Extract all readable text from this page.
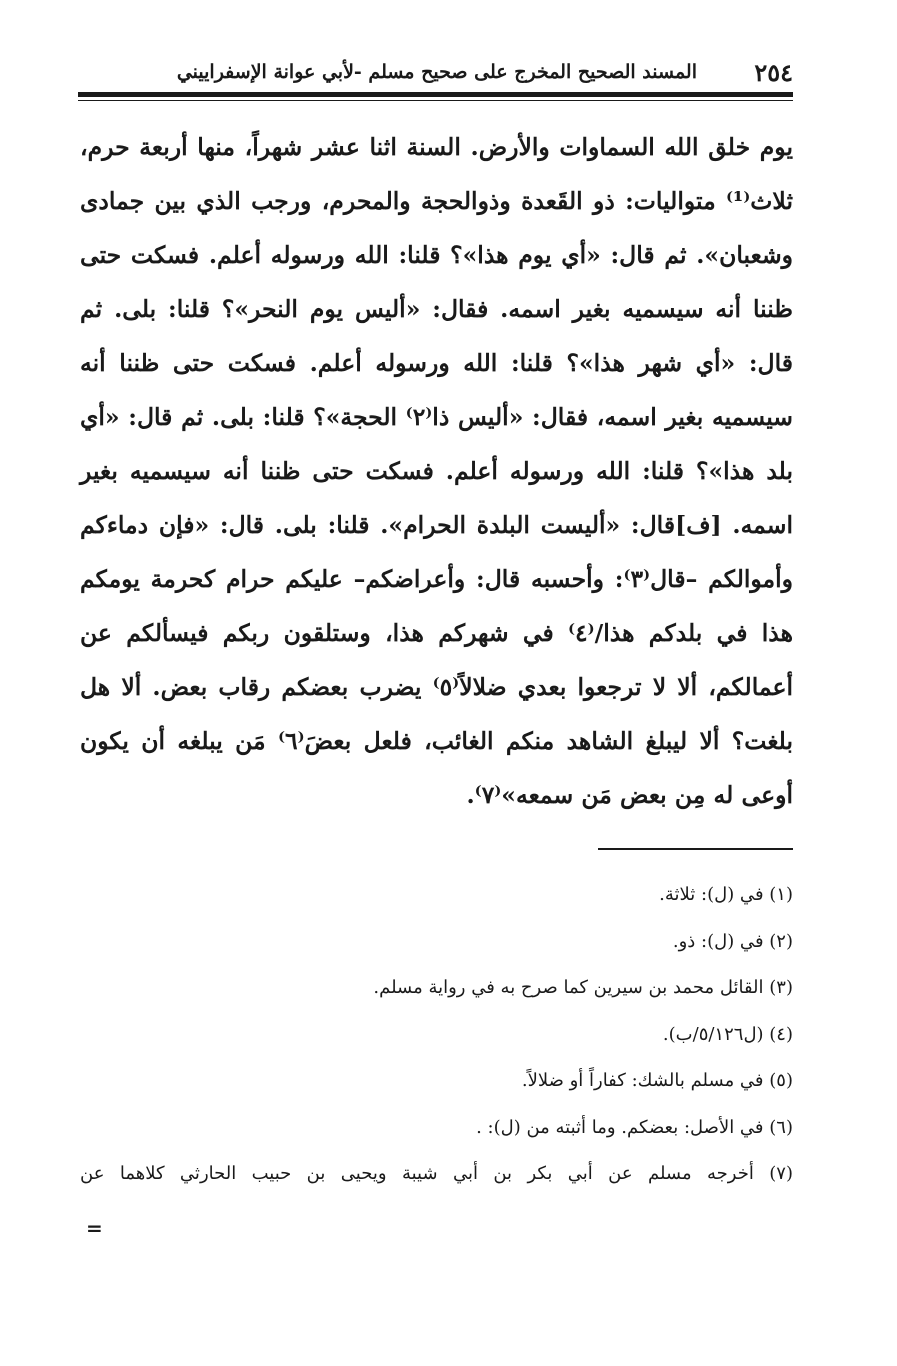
٢٥٤
المسند الصحيح المخرج على صحيح مسلم -لأبي عوانة الإسفراييني

يوم خلق الله السماوات والأرض. السنة اثنا عشر شهراً، منها أربعة حرم، ثلاث⁽¹⁾ متواليات: ذو القَعدة وذوالحجة والمحرم، ورجب الذي بين جمادى وشعبان». ثم قال: «أي يوم هذا»؟ قلنا: الله ورسوله أعلم. فسكت حتى ظننا أنه سيسميه بغير اسمه. فقال: «أليس يوم النحر»؟ قلنا: بلى. ثم قال: «أي شهر هذا»؟ قلنا: الله ورسوله أعلم. فسكت حتى ظننا أنه سيسميه بغير اسمه، فقال: «أليس ذا⁽٢⁾ الحجة»؟ قلنا: بلى. ثم قال: «أي بلد هذا»؟ قلنا: الله ورسوله أعلم. فسكت حتى ظننا أنه سيسميه بغير اسمه. [ف]قال: «أليست البلدة الحرام». قلنا: بلى. قال: «فإن دماءكم وأموالكم –قال⁽٣⁾: وأحسبه قال: وأعراضكم– عليكم حرام كحرمة يومكم هذا في بلدكم هذا/⁽٤⁾ في شهركم هذا، وستلقون ربكم فيسألكم عن أعمالكم، ألا لا ترجعوا بعدي ضلالاً⁽٥⁾ يضرب بعضكم رقاب بعض. ألا هل بلغت؟ ألا ليبلغ الشاهد منكم الغائب، فلعل بعضَ⁽٦⁾ مَن يبلغه أن يكون أوعى له مِن بعض مَن سمعه»⁽٧⁾.

(١) في (ل): ثلاثة.

(٢) في (ل): ذو.

(٣) القائل محمد بن سيرين كما صرح به في رواية مسلم.

(٤) (ل٥/١٢٦/ب).

(٥) في مسلم بالشك: كفاراً أو ضلالاً.

(٦) في الأصل: بعضكم. وما أثبته من (ل): .

(٧) أخرجه مسلم عن أبي بكر بن أبي شيبة ويحيى بن حبيب الحارثي كلاهما عن

=
